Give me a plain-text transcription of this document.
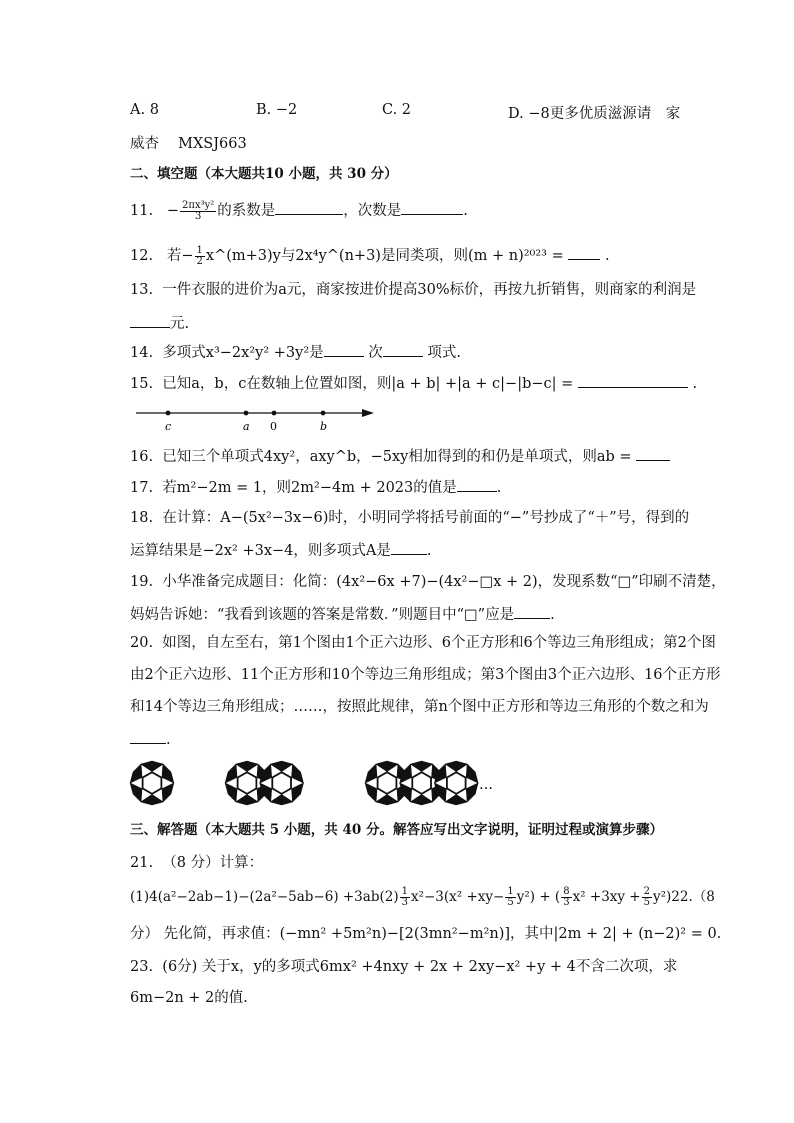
A. 8	B. −2	C. 2	D. −8更多优质滋源请　家
威杏　 MXSJ663
二、填空题（本大题共10 小题，共 30 分）
11. − $\frac{\text{2πx³y²}}{3}$ 的系数是	，次数是	.
12. 若− $\frac{1}{2}$ x^(m+3)y与2x⁴y^(n+3)是同类项，则(m + n)²⁰²³ =	.
13. 一件衣服的进价为a元，商家按进价提高30%标价，再按九折销售，则商家的利润是
元.
14. 多项式x³−2x²y² +3y²是	次	项式.
15. 已知a，b，c在数轴上位置如图，则|a + b| +|a + c|−|b−c| =	.
c	a 0	b
16. 已知三个单项式4xy²，axy^b，−5xy相加得到的和仍是单项式，则ab =
17. 若m²−2m = 1，则2m²−4m + 2023的值是	.
18. 在计算：A−(5x²−3x−6)时，小明同学将括号前面的“−”号抄成了“＋”号，得到的
运算结果是−2x² +3x−4，则多项式A是 .
19. 小华准备完成题目：化简：(4x²−6x +7)−(4x²−□x + 2)，发现系数“□”印刷不清楚，
妈妈告诉她：“我看到该题的答案是常数．”则题目中“□”应是 .
20. 如图，自左至右，第1个图由1个正六边形、6个正方形和6个等边三角形组成；第2个图
由2个正六边形、11个正方形和10个等边三角形组成；第3个图由3个正六边形、16个正方形
和14个等边三角形组成；……，按照此规律，第n个图中正方形和等边三角形的个数之和为
.
…
三、解答题（本大题共 5 小题，共 40 分。解答应写出文字说明，证明过程或演算步骤）
21. （8 分）计算：
$(1)4(a^2-2ab-1)-(2a^2-5ab-6) +3ab(2) \frac{1}{3} x^2-3(x^2 +xy- \frac{1}{5} y^2)$ + ( $\frac{8}{3} x^2 +3xy + \frac{2}{5} y^2)22.(8$
分） 先化简，再求值：(−mn² +5m²n)−[2(3mn²−m²n)]，其中|2m + 2| + (n−2)² = 0.
23. (6分) 关于x，y的多项式6mx² +4nxy + 2x + 2xy−x² +y + 4不含二次项，求
6m−2n + 2的值.
